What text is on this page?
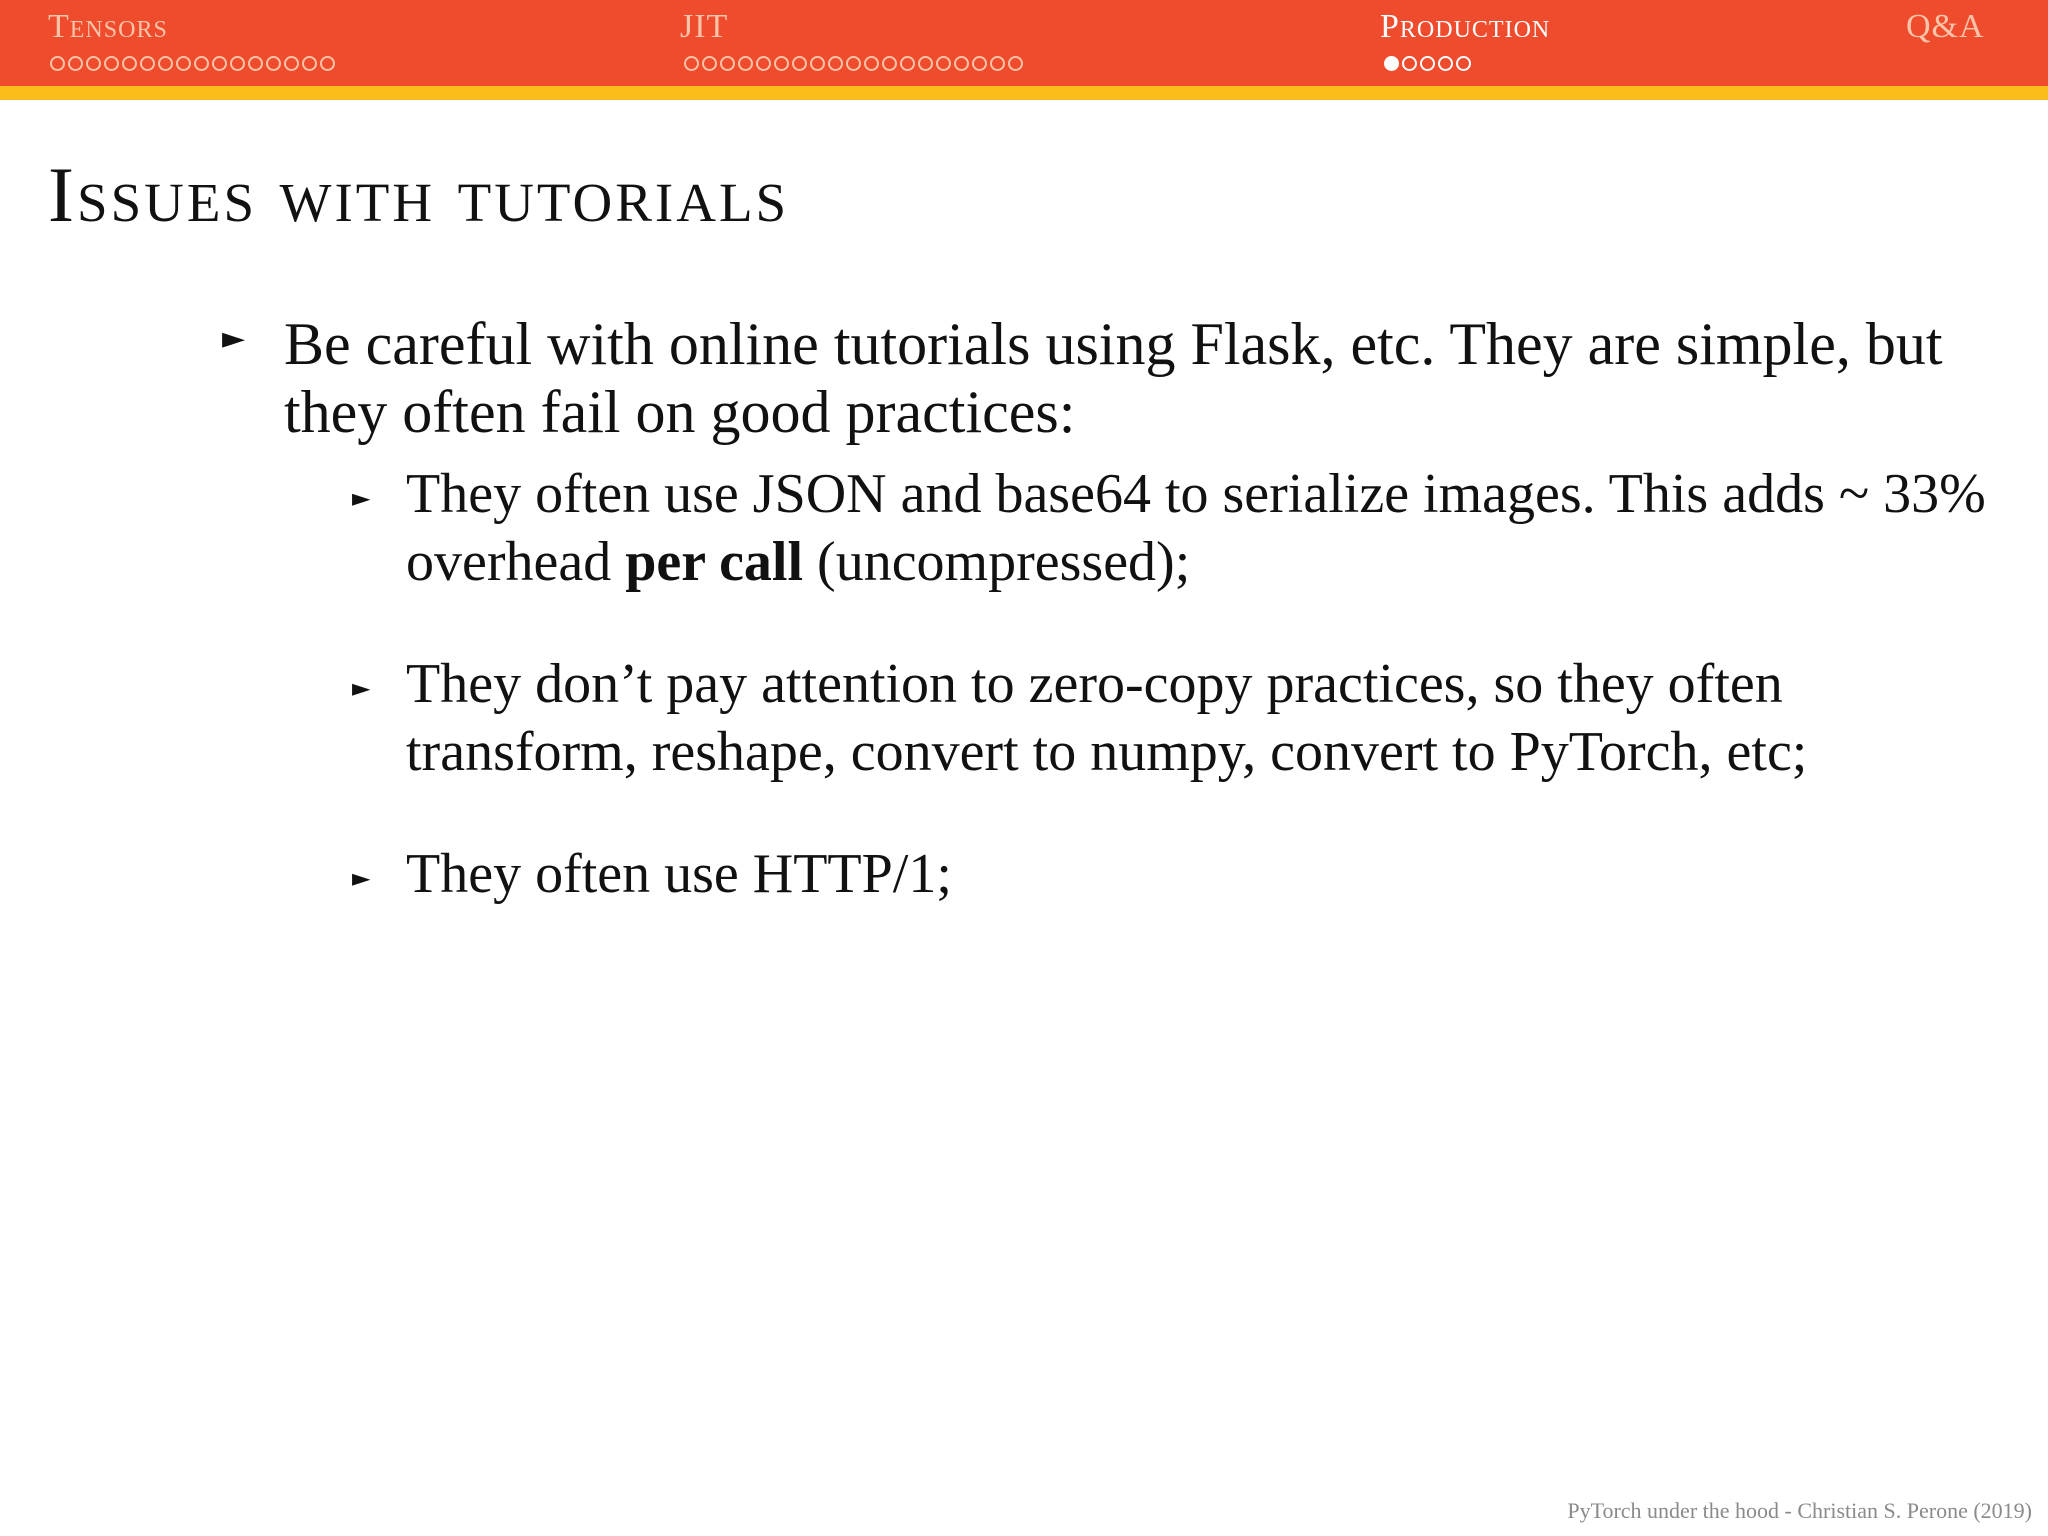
Tensors	JIT	Production	Q&A
Issues with tutorials
► Be careful with online tutorials using Flask, etc. They are simple, but they often fail on good practices:
► They often use JSON and base64 to serialize images. This adds ~ 33% overhead per call (uncompressed);
► They don’t pay attention to zero-copy practices, so they often transform, reshape, convert to numpy, convert to PyTorch, etc;
► They often use HTTP/1;
PyTorch under the hood - Christian S. Perone (2019)
